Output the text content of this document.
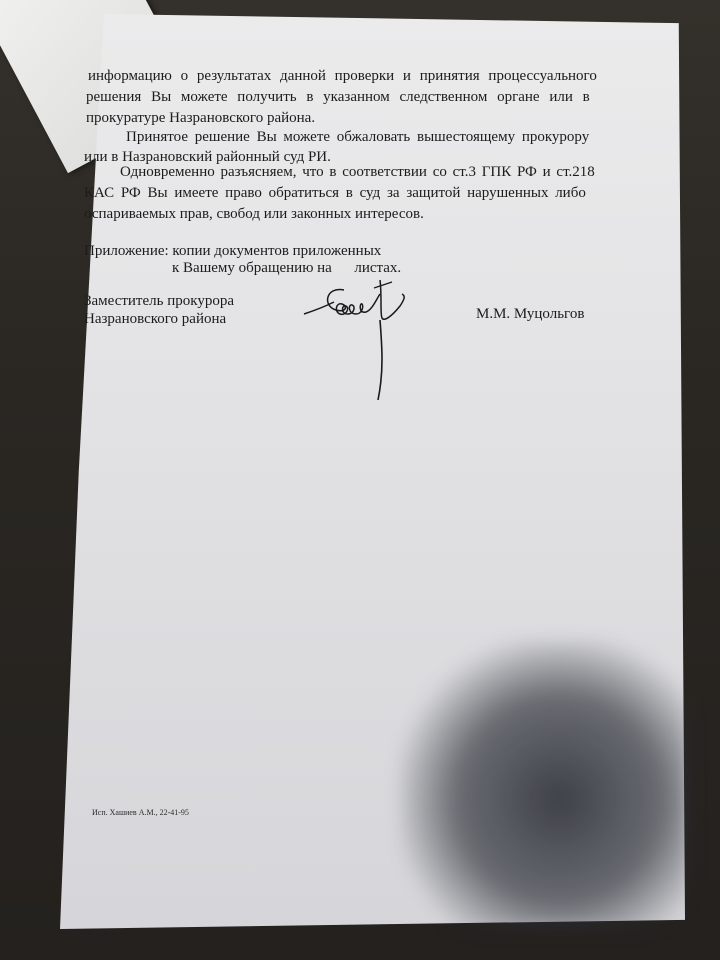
информацию о результатах данной проверки и принятия процессуального
решения Вы можете получить в указанном следственном органе или в
прокуратуре Назрановского района.
Принятое решение Вы можете обжаловать вышестоящему прокурору
или в Назрановский районный суд РИ.
Одновременно разъясняем, что в соответствии со ст.3 ГПК РФ и ст.218
КАС РФ Вы имеете право обратиться в суд за защитой нарушенных либо
оспариваемых прав, свобод или законных интересов.
Приложение: копии документов приложенных
к Вашему обращению на      листах.
Заместитель прокурора
Назрановского района	М.М. Муцольгов
Исп. Хашиев А.М., 22-41-95
